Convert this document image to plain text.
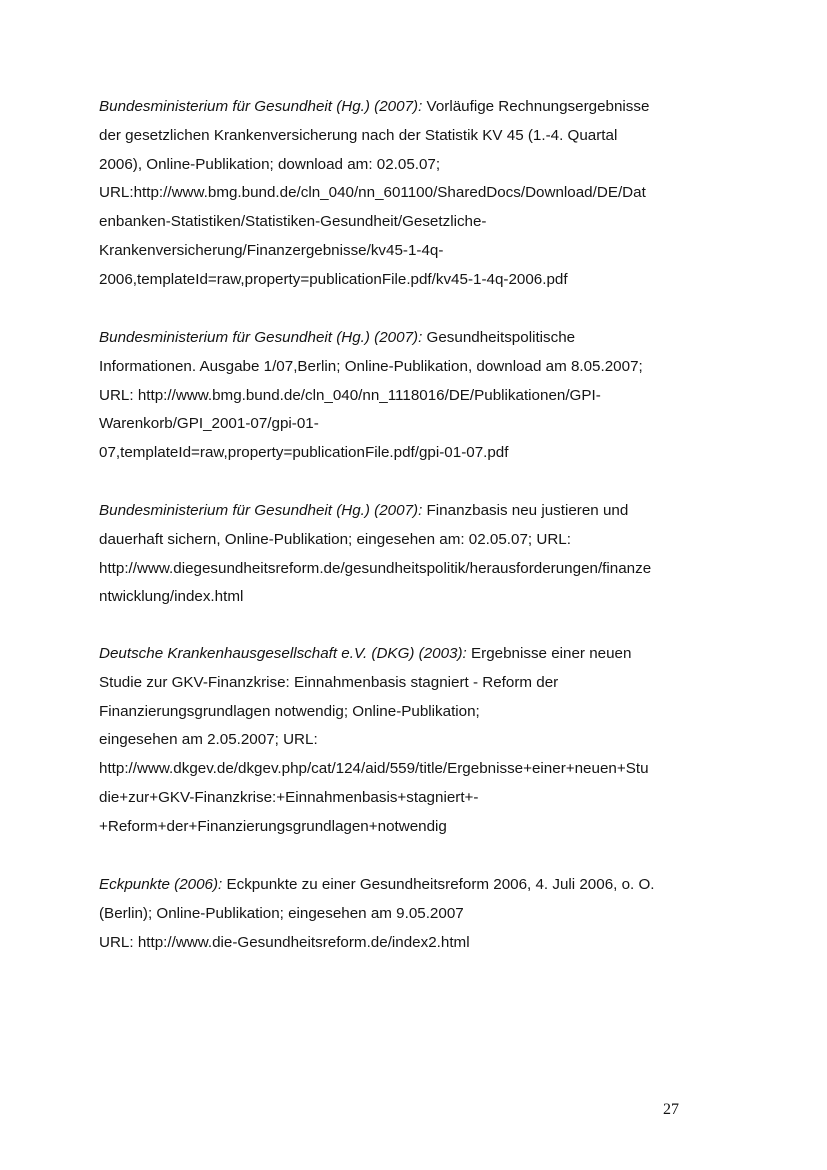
Bundesministerium für Gesundheit (Hg.) (2007): Vorläufige Rechnungsergebnisse
der gesetzlichen Krankenversicherung nach der Statistik KV 45 (1.-4. Quartal
2006), Online-Publikation; download am: 02.05.07;
URL:http://www.bmg.bund.de/cln_040/nn_601100/SharedDocs/Download/DE/Dat
enbanken-Statistiken/Statistiken-Gesundheit/Gesetzliche-
Krankenversicherung/Finanzergebnisse/kv45-1-4q-
2006,templateId=raw,property=publicationFile.pdf/kv45-1-4q-2006.pdf
Bundesministerium für Gesundheit (Hg.) (2007): Gesundheitspolitische
Informationen. Ausgabe 1/07,Berlin; Online-Publikation, download am 8.05.2007;
URL: http://www.bmg.bund.de/cln_040/nn_1118016/DE/Publikationen/GPI-
Warenkorb/GPI_2001-07/gpi-01-
07,templateId=raw,property=publicationFile.pdf/gpi-01-07.pdf
Bundesministerium für Gesundheit (Hg.) (2007): Finanzbasis neu justieren und
dauerhaft sichern, Online-Publikation; eingesehen am: 02.05.07; URL:
http://www.diegesundheitsreform.de/gesundheitspolitik/herausforderungen/finanze
ntwicklung/index.html
Deutsche Krankenhausgesellschaft e.V. (DKG) (2003): Ergebnisse einer neuen
Studie zur GKV-Finanzkrise: Einnahmenbasis stagniert - Reform der
Finanzierungsgrundlagen notwendig; Online-Publikation;
eingesehen am 2.05.2007; URL:
http://www.dkgev.de/dkgev.php/cat/124/aid/559/title/Ergebnisse+einer+neuen+Stu
die+zur+GKV-Finanzkrise:+Einnahmenbasis+stagniert+-
+Reform+der+Finanzierungsgrundlagen+notwendig
Eckpunkte (2006): Eckpunkte zu einer Gesundheitsreform 2006, 4. Juli 2006, o. O.
(Berlin); Online-Publikation; eingesehen am 9.05.2007
URL: http://www.die-Gesundheitsreform.de/index2.html
27
